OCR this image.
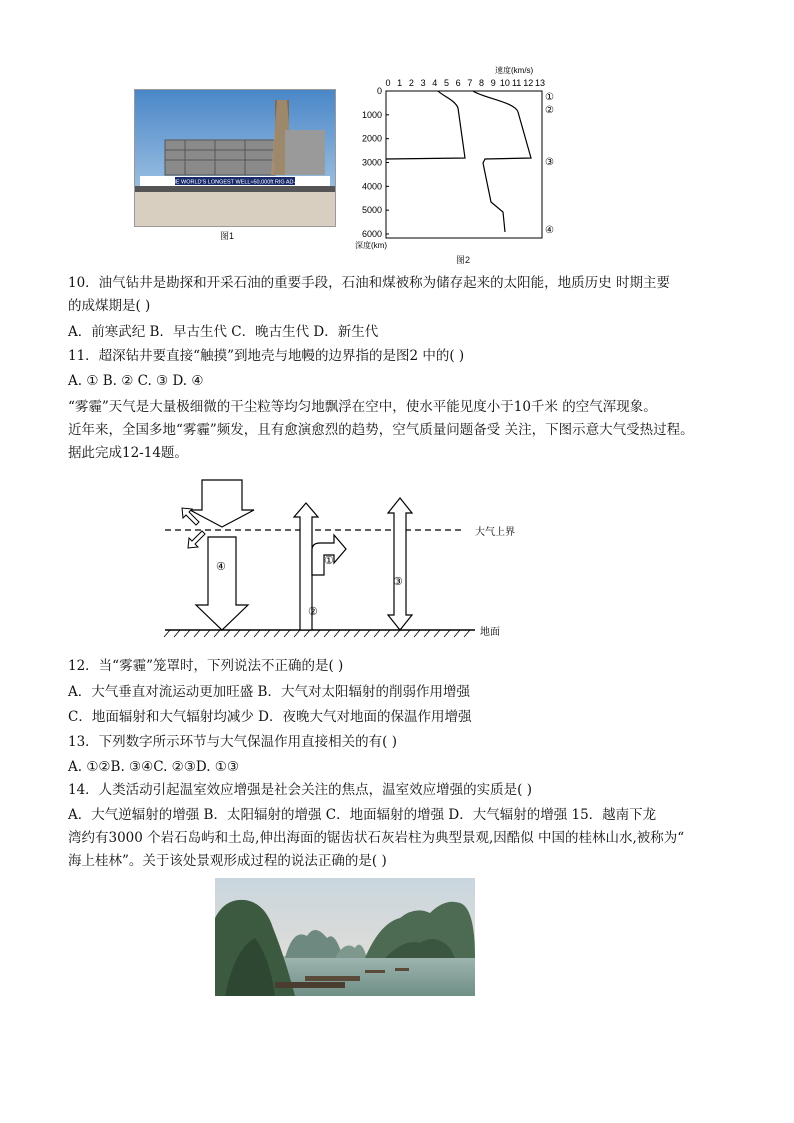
THE WORLD'S LONGEST WELL≈50,000ft RIG AD-68
图1
0 1 2 3 4 5 6 7 8 9 10 11 12 13
0
1000
2000
3000
4000
5000
6000
速度(km/s)
深度(km)
①
②
③
④
图2
10．油气钻井是勘探和开采石油的重要手段，石油和煤被称为储存起来的太阳能，地质历史 时期主要
的成煤期是( )
A．前寒武纪 B．早古生代 C．晚古生代 D．新生代
11．超深钻井要直接“触摸”到地壳与地幔的边界指的是图2 中的( )
A. ① B. ② C. ③ D. ④
“雾霾”天气是大量极细微的干尘粒等均匀地飘浮在空中，使水平能见度小于10千米 的空气浑现象。
近年来，全国多地“雾霾”频发，且有愈演愈烈的趋势，空气质量问题备受 关注，下图示意大气受热过程。
据此完成12-14题。
大气上界
地面
④
②
①
③
12．当“雾霾”笼罩时，下列说法不正确的是( )
A．大气垂直对流运动更加旺盛 B．大气对太阳辐射的削弱作用增强
C．地面辐射和大气辐射均减少 D．夜晚大气对地面的保温作用增强
13．下列数字所示环节与大气保温作用直接相关的有( )
A. ①②B. ③④C. ②③D. ①③
14．人类活动引起温室效应增强是社会关注的焦点，温室效应增强的实质是( )
A．大气逆辐射的增强 B．太阳辐射的增强 C．地面辐射的增强 D．大气辐射的增强 15．越南下龙
湾约有3000 个岩石岛屿和土岛,伸出海面的锯齿状石灰岩柱为典型景观,因酷似 中国的桂林山水,被称为“
海上桂林”。关于该处景观形成过程的说法正确的是( )
